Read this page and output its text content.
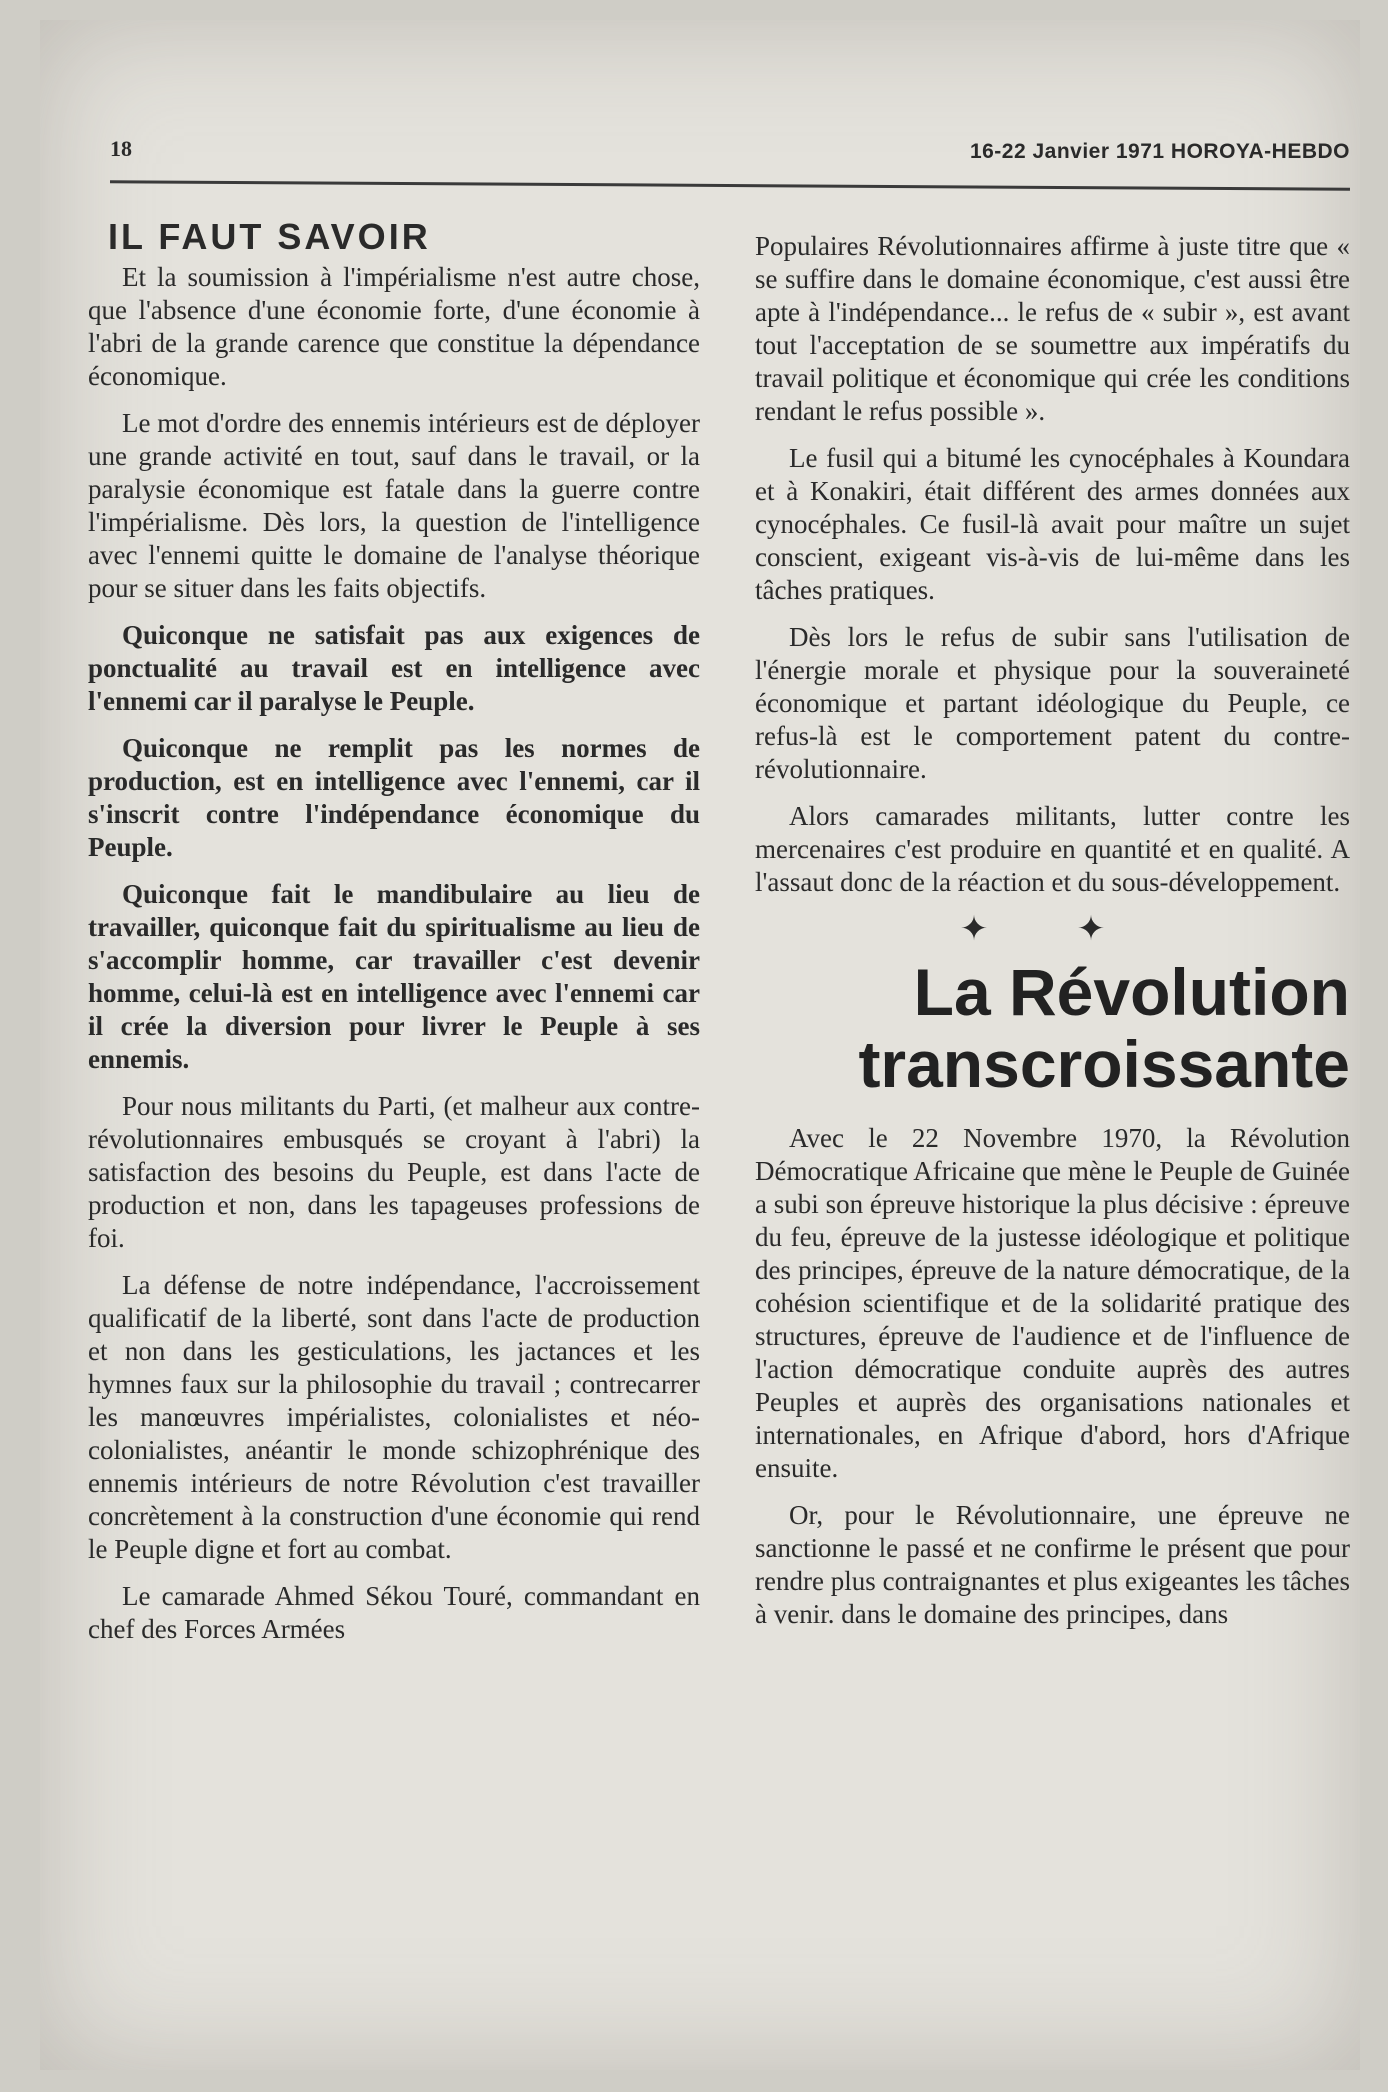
18	16-22 Janvier 1971 HOROYA-HEBDO
IL FAUT SAVOIR

Et la soumission à l'impérialisme n'est autre chose, que l'absence d'une économie forte, d'une économie à l'abri de la grande carence que constitue la dépendance économique.

Le mot d'ordre des ennemis intérieurs est de déployer une grande activité en tout, sauf dans le travail, or la paralysie économique est fatale dans la guerre contre l'impérialisme. Dès lors, la question de l'intelligence avec l'ennemi quitte le domaine de l'analyse théorique pour se situer dans les faits objectifs.

Quiconque ne satisfait pas aux exigences de ponctualité au travail est en intelligence avec l'ennemi car il paralyse le Peuple.

Quiconque ne remplit pas les normes de production, est en intelligence avec l'ennemi, car il s'inscrit contre l'indépendance économique du Peuple.

Quiconque fait le mandibulaire au lieu de travailler, quiconque fait du spiritualisme au lieu de s'accomplir homme, car travailler c'est devenir homme, celui-là est en intelligence avec l'ennemi car il crée la diversion pour livrer le Peuple à ses ennemis.

Pour nous militants du Parti, (et malheur aux contre-révolutionnaires embusqués se croyant à l'abri) la satisfaction des besoins du Peuple, est dans l'acte de production et non, dans les tapageuses professions de foi.

La défense de notre indépendance, l'accroissement qualificatif de la liberté, sont dans l'acte de production et non dans les gesticulations, les jactances et les hymnes faux sur la philosophie du travail ; contrecarrer les manœuvres impérialistes, colonialistes et néo-colonialistes, anéantir le monde schizophrénique des ennemis intérieurs de notre Révolution c'est travailler concrètement à la construction d'une économie qui rend le Peuple digne et fort au combat.

Le camarade Ahmed Sékou Touré, commandant en chef des Forces Armées

Populaires Révolutionnaires affirme à juste titre que « se suffire dans le domaine économique, c'est aussi être apte à l'indépendance... le refus de « subir », est avant tout l'acceptation de se soumettre aux impératifs du travail politique et économique qui crée les conditions rendant le refus possible ».

Le fusil qui a bitumé les cynocéphales à Koundara et à Konakiri, était différent des armes données aux cynocéphales. Ce fusil-là avait pour maître un sujet conscient, exigeant vis-à-vis de lui-même dans les tâches pratiques.

Dès lors le refus de subir sans l'utilisation de l'énergie morale et physique pour la souveraineté économique et partant idéologique du Peuple, ce refus-là est le comportement patent du contre-révolutionnaire.

Alors camarades militants, lutter contre les mercenaires c'est produire en quantité et en qualité. A l'assaut donc de la réaction et du sous-développement.

✦ ✦
La Révolution
transcroissante

Avec le 22 Novembre 1970, la Révolution Démocratique Africaine que mène le Peuple de Guinée a subi son épreuve historique la plus décisive : épreuve du feu, épreuve de la justesse idéologique et politique des principes, épreuve de la nature démocratique, de la cohésion scientifique et de la solidarité pratique des structures, épreuve de l'audience et de l'influence de l'action démocratique conduite auprès des autres Peuples et auprès des organisations nationales et internationales, en Afrique d'abord, hors d'Afrique ensuite.

Or, pour le Révolutionnaire, une épreuve ne sanctionne le passé et ne confirme le présent que pour rendre plus contraignantes et plus exigeantes les tâches à venir. dans le domaine des principes, dans
